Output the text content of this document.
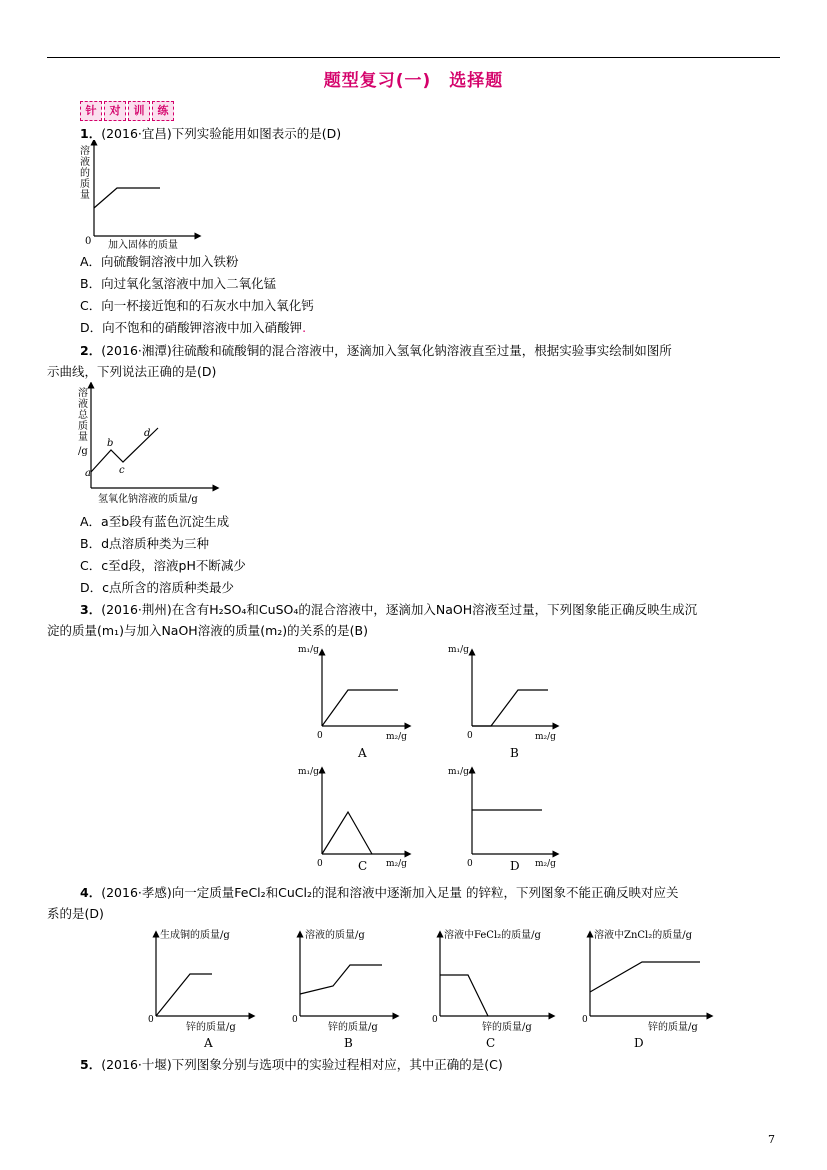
题型复习(一)　选择题
针	对	训	练
1．(2016·宜昌)下列实验能用如图表示的是(D)
溶
液
的
质
量
0 加入固体的质量
A．向硫酸铜溶液中加入铁粉
B．向过氧化氢溶液中加入二氧化锰
C．向一杯接近饱和的石灰水中加入氧化钙
D．向不饱和的硝酸钾溶液中加入硝酸钾.
2．(2016·湘潭)往硫酸和硫酸铜的混合溶液中，逐滴加入氢氧化钠溶液直至过量，根据实验事实绘制如图所
示曲线，下列说法正确的是(D)
溶
液
总
质
量
/g
a
b
c
d
氢氧化钠溶液的质量/g
A．a至b段有蓝色沉淀生成
B．d点溶质种类为三种
C．c至d段，溶液pH不断减少
D．c点所含的溶质种类最少
3．(2016·荆州)在含有H₂SO₄和CuSO₄的混合溶液中，逐滴加入NaOH溶液至过量，下列图象能正确反映生成沉
淀的质量(m₁)与加入NaOH溶液的质量(m₂)的关系的是(B)
m₁/g
0	m₂/g
A
m₁/g
0	m₂/g
B
m₁/g
0	m₂/g
C
m₁/g
0	m₂/g
D
4．(2016·孝感)向一定质量FeCl₂和CuCl₂的混和溶液中逐渐加入足量 的锌粒，下列图象不能正确反映对应关
系的是(D)
生成铜的质量/g
0
锌的质量/g
A
溶液的质量/g
0
锌的质量/g
B
溶液中FeCl₂的质量/g
0
锌的质量/g
C
溶液中ZnCl₂的质量/g
0
锌的质量/g
D
5．(2016·十堰)下列图象分别与选项中的实验过程相对应，其中正确的是(C)
7
